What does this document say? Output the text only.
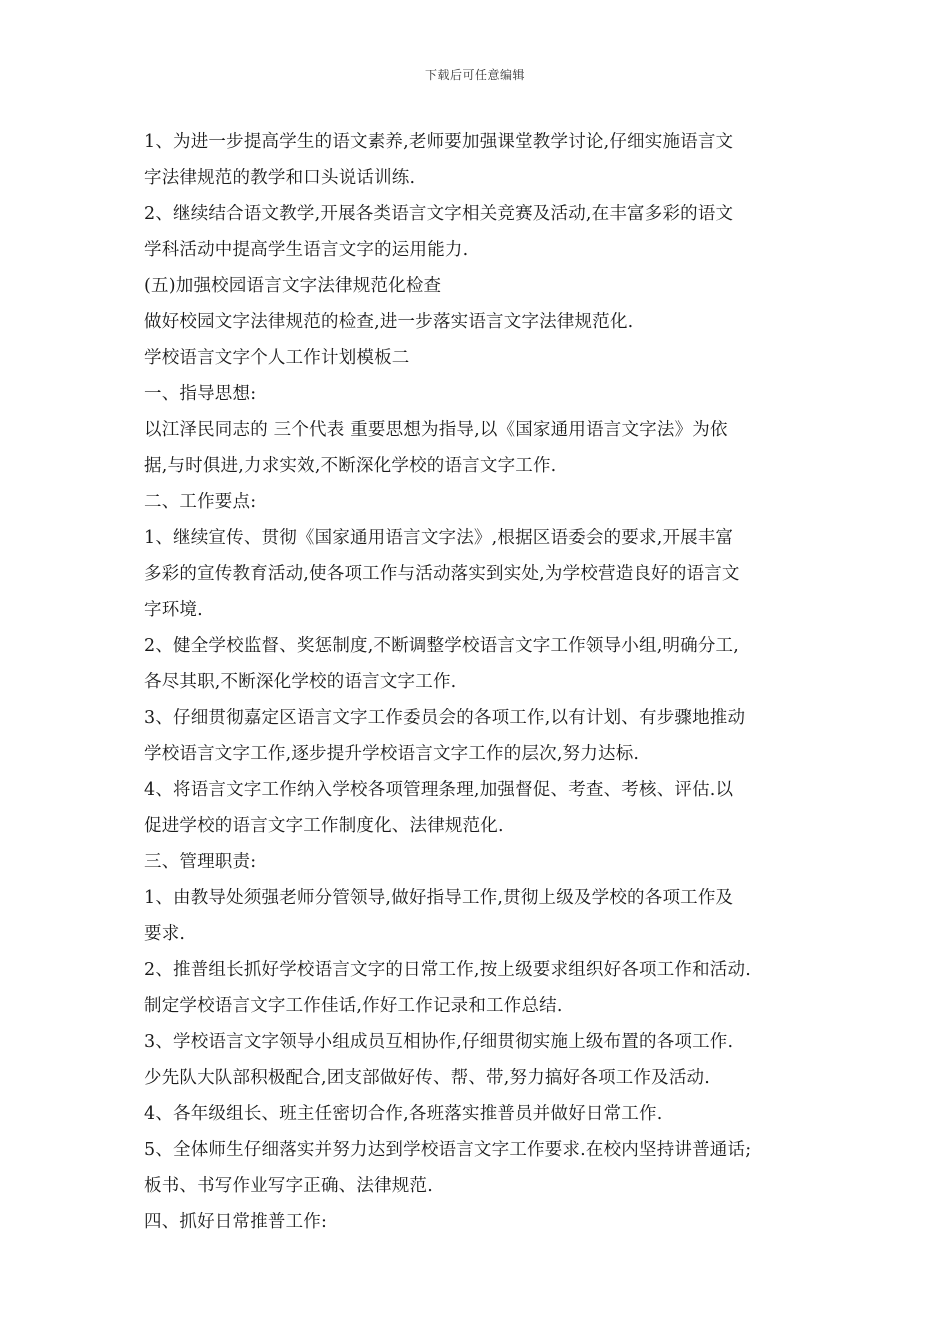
下载后可任意编辑
1、为进一步提高学生的语文素养,老师要加强课堂教学讨论,仔细实施语言文
字法律规范的教学和口头说话训练.
2、继续结合语文教学,开展各类语言文字相关竞赛及活动,在丰富多彩的语文
学科活动中提高学生语言文字的运用能力.
(五)加强校园语言文字法律规范化检查
做好校园文字法律规范的检查,进一步落实语言文字法律规范化.
学校语言文字个人工作计划模板二
一、指导思想:
以江泽民同志的 三个代表 重要思想为指导,以《国家通用语言文字法》为依
据,与时俱进,力求实效,不断深化学校的语言文字工作.
二、工作要点:
1、继续宣传、贯彻《国家通用语言文字法》,根据区语委会的要求,开展丰富
多彩的宣传教育活动,使各项工作与活动落实到实处,为学校营造良好的语言文
字环境.
2、健全学校监督、奖惩制度,不断调整学校语言文字工作领导小组,明确分工,
各尽其职,不断深化学校的语言文字工作.
3、仔细贯彻嘉定区语言文字工作委员会的各项工作,以有计划、有步骤地推动
学校语言文字工作,逐步提升学校语言文字工作的层次,努力达标.
4、将语言文字工作纳入学校各项管理条理,加强督促、考查、考核、评估.以
促进学校的语言文字工作制度化、法律规范化.
三、管理职责:
1、由教导处须强老师分管领导,做好指导工作,贯彻上级及学校的各项工作及
要求.
2、推普组长抓好学校语言文字的日常工作,按上级要求组织好各项工作和活动.
制定学校语言文字工作佳话,作好工作记录和工作总结.
3、学校语言文字领导小组成员互相协作,仔细贯彻实施上级布置的各项工作.
少先队大队部积极配合,团支部做好传、帮、带,努力搞好各项工作及活动.
4、各年级组长、班主任密切合作,各班落实推普员并做好日常工作.
5、全体师生仔细落实并努力达到学校语言文字工作要求.在校内坚持讲普通话;
板书、书写作业写字正确、法律规范.
四、抓好日常推普工作:
